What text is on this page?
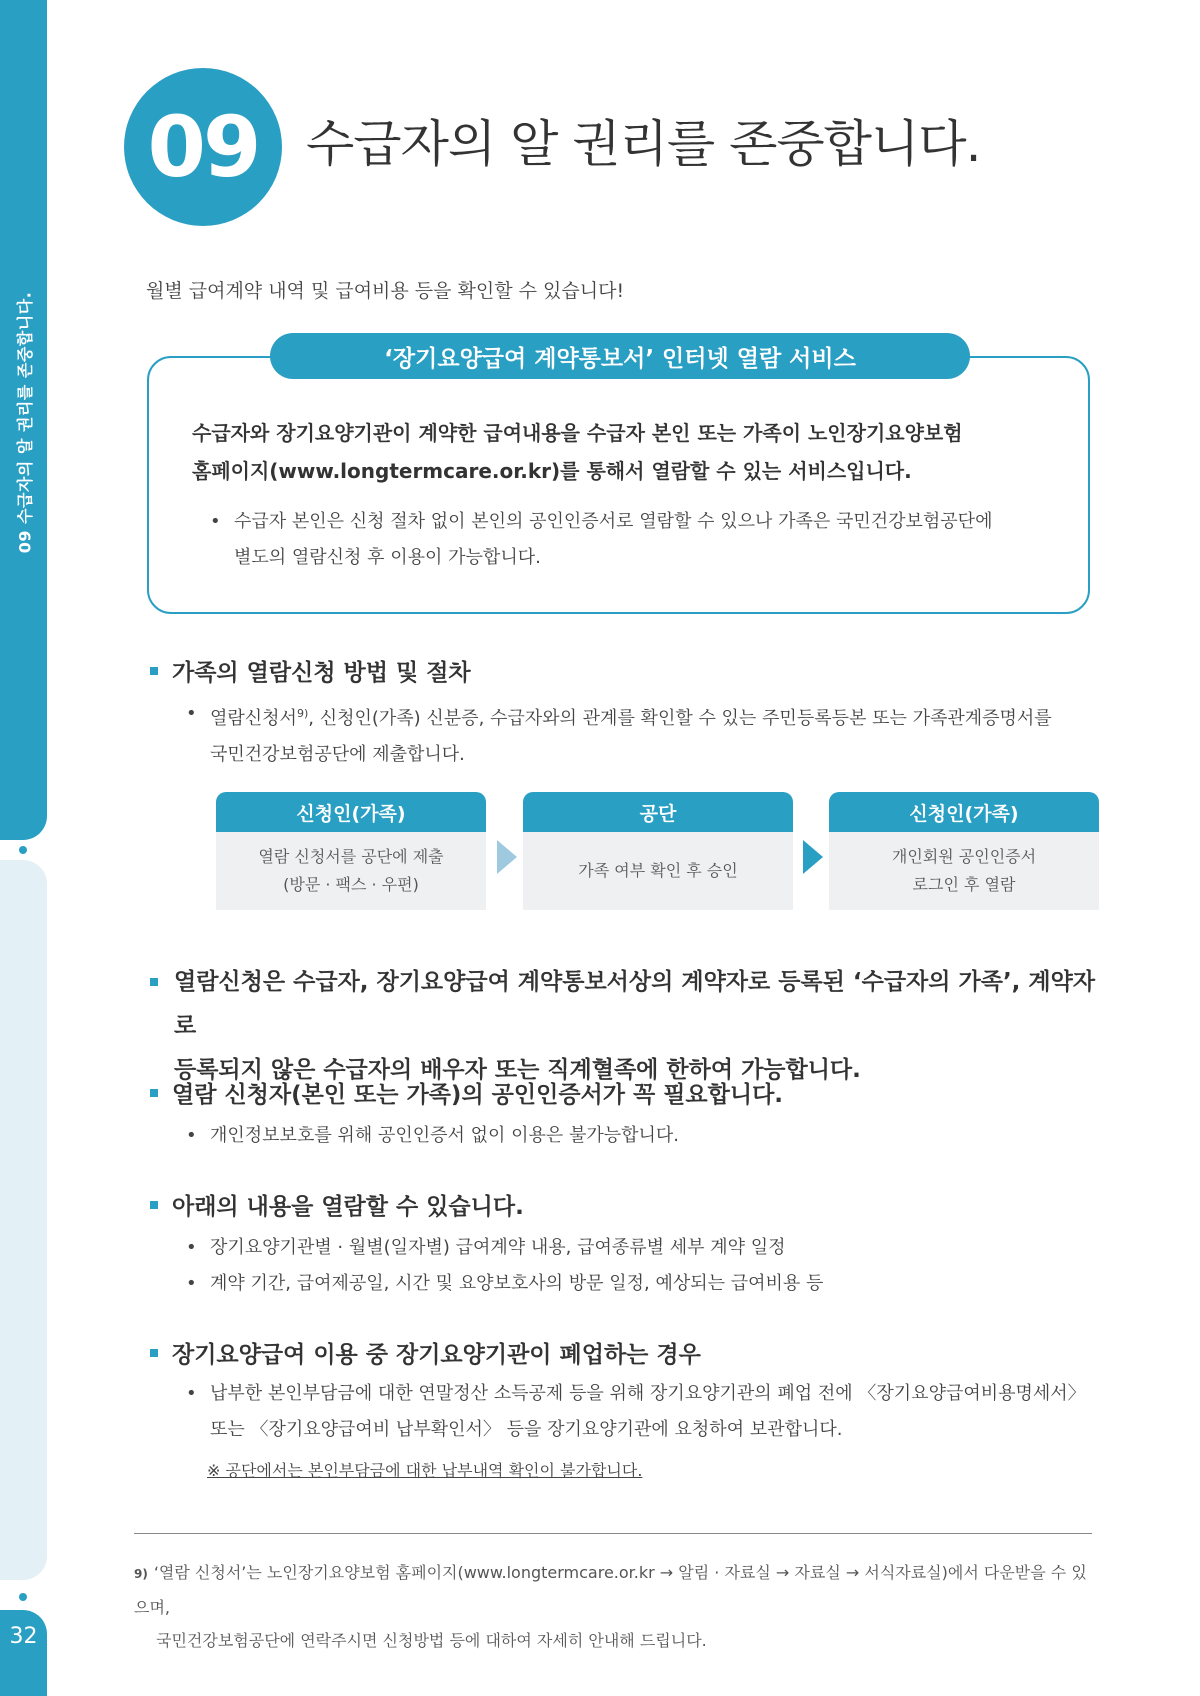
09 수급자의 알 권리를 존중합니다.
32
09 수급자의 알 권리를 존중합니다.
월별 급여계약 내역 및 급여비용 등을 확인할 수 있습니다!
‘장기요양급여 계약통보서’ 인터넷 열람 서비스
수급자와 장기요양기관이 계약한 급여내용을 수급자 본인 또는 가족이 노인장기요양보험
홈페이지(www.longtermcare.or.kr)를 통해서 열람할 수 있는 서비스입니다.
• 수급자 본인은 신청 절차 없이 본인의 공인인증서로 열람할 수 있으나 가족은 국민건강보험공단에
별도의 열람신청 후 이용이 가능합니다.
가족의 열람신청 방법 및 절차
• 열람신청서$^{9)}$, 신청인(가족) 신분증, 수급자와의 관계를 확인할 수 있는 주민등록등본 또는 가족관계증명서를
국민건강보험공단에 제출합니다.
신청인(가족)
열람 신청서를 공단에 제출
(방문 · 팩스 · 우편)
공단
가족 여부 확인 후 승인
신청인(가족)
개인회원 공인인증서
로그인 후 열람
열람신청은 수급자, 장기요양급여 계약통보서상의 계약자로 등록된 ‘수급자의 가족’, 계약자로
등록되지 않은 수급자의 배우자 또는 직계혈족에 한하여 가능합니다.
열람 신청자(본인 또는 가족)의 공인인증서가 꼭 필요합니다.
• 개인정보보호를 위해 공인인증서 없이 이용은 불가능합니다.
아래의 내용을 열람할 수 있습니다.
• 장기요양기관별 · 월별(일자별) 급여계약 내용, 급여종류별 세부 계약 일정
• 계약 기간, 급여제공일, 시간 및 요양보호사의 방문 일정, 예상되는 급여비용 등
장기요양급여 이용 중 장기요양기관이 폐업하는 경우
• 납부한 본인부담금에 대한 연말정산 소득공제 등을 위해 장기요양기관의 폐업 전에 〈장기요양급여비용명세서〉
또는 〈장기요양급여비 납부확인서〉 등을 장기요양기관에 요청하여 보관합니다.
※ 공단에서는 본인부담금에 대한 납부내역 확인이 불가합니다.
9) ‘열람 신청서’는 노인장기요양보험 홈페이지(www.longtermcare.or.kr → 알림 · 자료실 → 자료실 → 서식자료실)에서 다운받을 수 있으며,
국민건강보험공단에 연락주시면 신청방법 등에 대하여 자세히 안내해 드립니다.
